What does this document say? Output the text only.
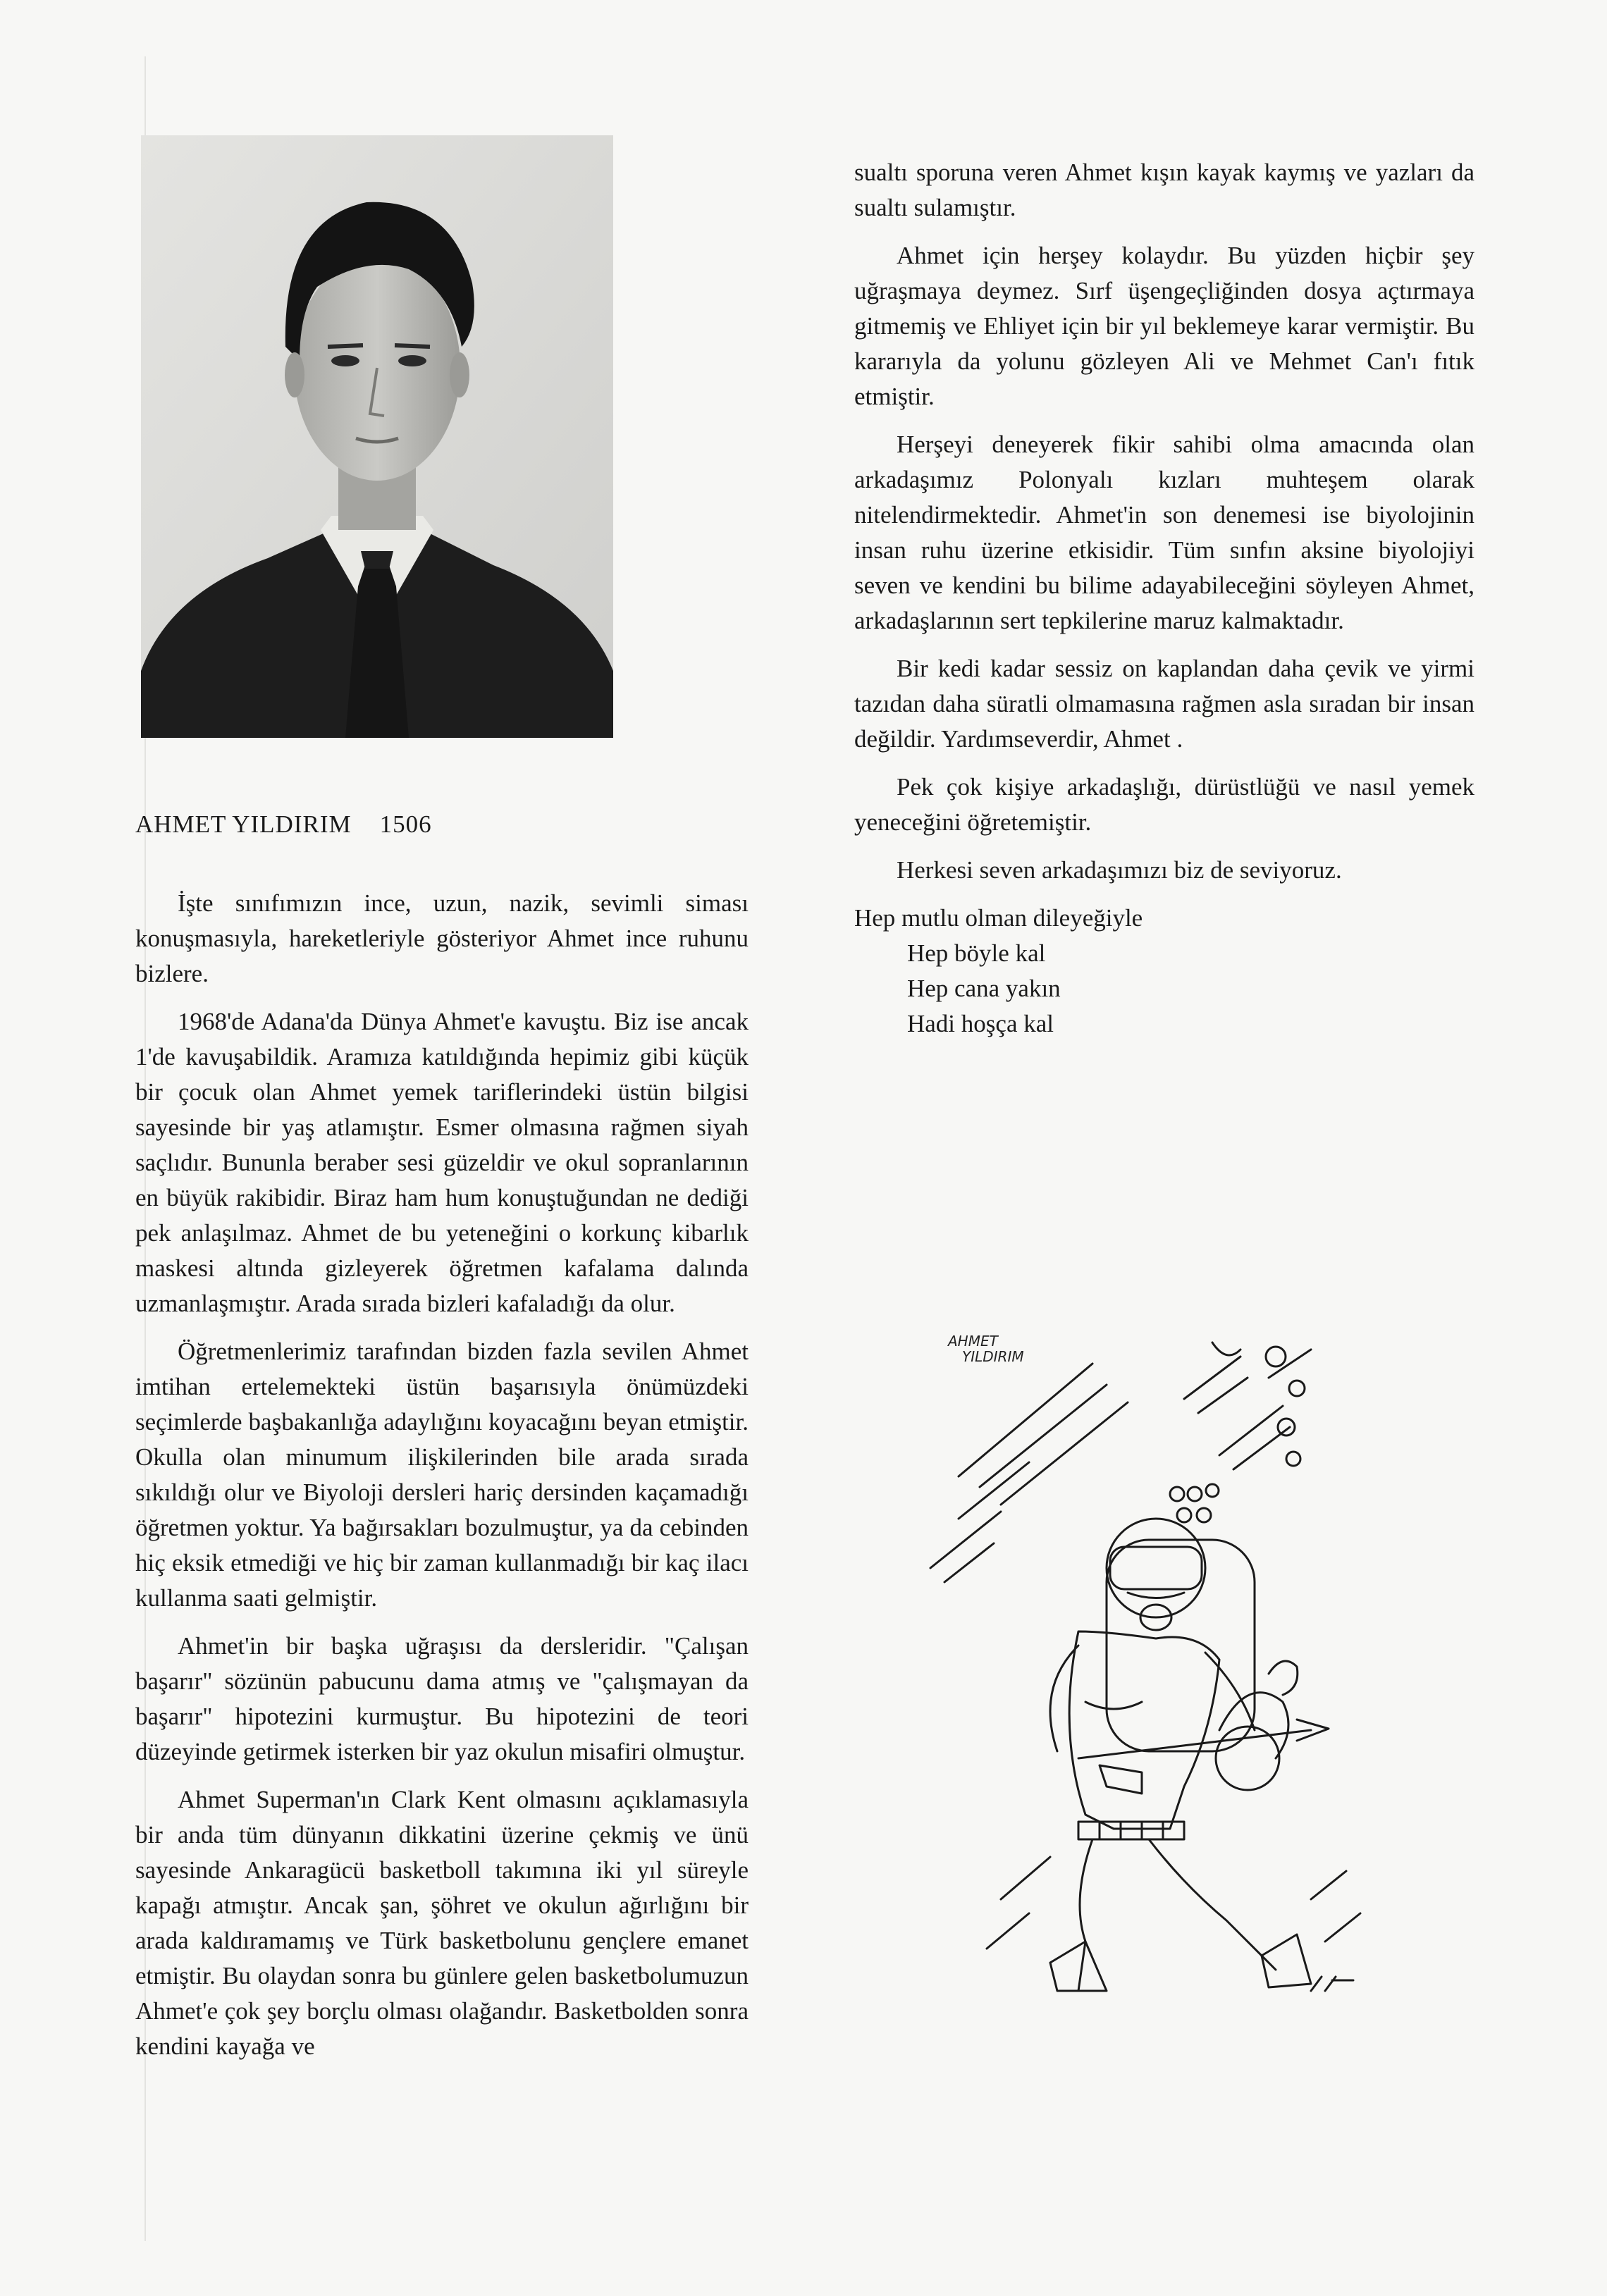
AHMET YILDIRIM 1506

İşte sınıfımızın ince, uzun, nazik, sevimli siması konuşmasıyla, hareketleriyle gösteriyor Ahmet ince ruhunu bizlere.

1968'de Adana'da Dünya Ahmet'e kavuştu. Biz ise ancak 1'de kavuşabildik. Aramıza katıldığında hepimiz gibi küçük bir çocuk olan Ahmet yemek tariflerindeki üstün bilgisi sayesinde bir yaş atlamıştır. Esmer olmasına rağmen siyah saçlıdır. Bununla beraber sesi güzeldir ve okul sopranlarının en büyük rakibidir. Biraz ham hum konuştuğundan ne dediği pek anlaşılmaz. Ahmet de bu yeteneğini o korkunç kibarlık maskesi altında gizleyerek öğretmen kafalama dalında uzmanlaşmıştır. Arada sırada bizleri kafaladığı da olur.

Öğretmenlerimiz tarafından bizden fazla sevilen Ahmet imtihan ertelemekteki üstün başarısıyla önümüzdeki seçimlerde başbakanlığa adaylığını koyacağını beyan etmiştir. Okulla olan minumum ilişkilerinden bile arada sırada sıkıldığı olur ve Biyoloji dersleri hariç dersinden kaçamadığı öğretmen yoktur. Ya bağırsakları bozulmuştur, ya da cebinden hiç eksik etmediği ve hiç bir zaman kullanmadığı bir kaç ilacı kullanma saati gelmiştir.

Ahmet'in bir başka uğraşısı da dersleridir. "Çalışan başarır" sözünün pabucunu dama atmış ve "çalışmayan da başarır" hipotezini kurmuştur. Bu hipotezini de teori düzeyinde getirmek isterken bir yaz okulun misafiri olmuştur.

Ahmet Superman'ın Clark Kent olmasını açıklamasıyla bir anda tüm dünyanın dikkatini üzerine çekmiş ve ünü sayesinde Ankaragücü basketboll takımına iki yıl süreyle kapağı atmıştır. Ancak şan, şöhret ve okulun ağırlığını bir arada kaldıramamış ve Türk basketbolunu gençlere emanet etmiştir. Bu olaydan sonra bu günlere gelen basketbolumuzun Ahmet'e çok şey borçlu olması olağandır. Basketbolden sonra kendini kayağa ve

sualtı sporuna veren Ahmet kışın kayak kaymış ve yazları da sualtı sulamıştır.

Ahmet için herşey kolaydır. Bu yüzden hiçbir şey uğraşmaya deymez. Sırf üşengeçliğinden dosya açtırmaya gitmemiş ve Ehliyet için bir yıl beklemeye karar vermiştir. Bu kararıyla da yolunu gözleyen Ali ve Mehmet Can'ı fıtık etmiştir.

Herşeyi deneyerek fikir sahibi olma amacında olan arkadaşımız Polonyalı kızları muhteşem olarak nitelendirmektedir. Ahmet'in son denemesi ise biyolojinin insan ruhu üzerine etkisidir. Tüm sınfın aksine biyolojiyi seven ve kendini bu bilime adayabileceğini söyleyen Ahmet, arkadaşlarının sert tepkilerine maruz kalmaktadır.

Bir kedi kadar sessiz on kaplandan daha çevik ve yirmi tazıdan daha süratli olmamasına rağmen asla sıradan bir insan değildir. Yardımseverdir, Ahmet .

Pek çok kişiye arkadaşlığı, dürüstlüğü ve nasıl yemek yeneceğini öğretemiştir.

Herkesi seven arkadaşımızı biz de seviyoruz.

Hep mutlu olman dileyeğiyle

Hep böyle kal

Hep cana yakın

Hadi hoşça kal

AHMET
YILDIRIM
